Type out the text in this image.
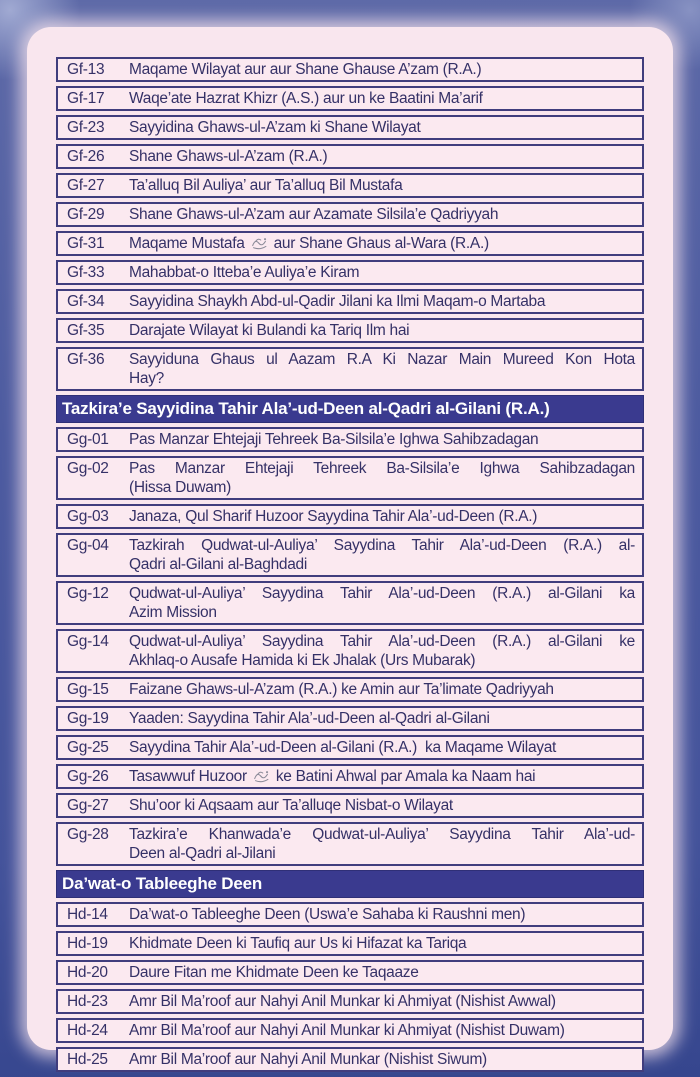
Gf-13	Maqame Wilayat aur aur Shane Ghause A’zam (R.A.)
Gf-17	Waqe’ate Hazrat Khizr (A.S.) aur un ke Baatini Ma’arif
Gf-23	Sayyidina Ghaws-ul-A’zam ki Shane Wilayat
Gf-26	Shane Ghaws-ul-A’zam (R.A.)
Gf-27	Ta’alluq Bil Auliya’ aur Ta’alluq Bil Mustafa
Gf-29	Shane Ghaws-ul-A’zam aur Azamate Silsila’e Qadriyyah
Gf-31	Maqame Mustafa  aur Shane Ghaus al-Wara (R.A.)
Gf-33	Mahabbat-o Itteba’e Auliya’e Kiram
Gf-34	Sayyidina Shaykh Abd-ul-Qadir Jilani ka Ilmi Maqam-o Martaba
Gf-35	Darajate Wilayat ki Bulandi ka Tariq Ilm hai
Gf-36	Sayyiduna Ghaus ul Aazam R.A Ki Nazar Main Mureed Kon Hota
Hay?
Tazkira’e Sayyidina Tahir Ala’-ud-Deen al-Qadri al-Gilani (R.A.)
Gg-01	Pas Manzar Ehtejaji Tehreek Ba-Silsila’e Ighwa Sahibzadagan
Gg-02	Pas Manzar Ehtejaji Tehreek Ba-Silsila’e Ighwa Sahibzadagan
(Hissa Duwam)
Gg-03	Janaza, Qul Sharif Huzoor Sayydina Tahir Ala’-ud-Deen (R.A.)
Gg-04	Tazkirah Qudwat-ul-Auliya’ Sayydina Tahir Ala’-ud-Deen (R.A.) al-
Qadri al-Gilani al-Baghdadi
Gg-12	Qudwat-ul-Auliya’ Sayydina Tahir Ala’-ud-Deen (R.A.) al-Gilani ka
Azim Mission
Gg-14	Qudwat-ul-Auliya’ Sayydina Tahir Ala’-ud-Deen (R.A.) al-Gilani ke
Akhlaq-o Ausafe Hamida ki Ek Jhalak (Urs Mubarak)
Gg-15	Faizane Ghaws-ul-A’zam (R.A.) ke Amin aur Ta’limate Qadriyyah
Gg-19	Yaaden: Sayydina Tahir Ala’-ud-Deen al-Qadri al-Gilani
Gg-25	Sayydina Tahir Ala’-ud-Deen al-Gilani (R.A.)  ka Maqame Wilayat
Gg-26	Tasawwuf Huzoor  ke Batini Ahwal par Amala ka Naam hai
Gg-27	Shu’oor ki Aqsaam aur Ta’alluqe Nisbat-o Wilayat
Gg-28	Tazkira’e Khanwada’e Qudwat-ul-Auliya’ Sayydina Tahir Ala’-ud-
Deen al-Qadri al-Jilani
Da’wat-o Tableeghe Deen
Hd-14	Da’wat-o Tableeghe Deen (Uswa’e Sahaba ki Raushni men)
Hd-19	Khidmate Deen ki Taufiq aur Us ki Hifazat ka Tariqa
Hd-20	Daure Fitan me Khidmate Deen ke Taqaaze
Hd-23	Amr Bil Ma’roof aur Nahyi Anil Munkar ki Ahmiyat (Nishist Awwal)
Hd-24	Amr Bil Ma’roof aur Nahyi Anil Munkar ki Ahmiyat (Nishist Duwam)
Hd-25	Amr Bil Ma’roof aur Nahyi Anil Munkar (Nishist Siwum)
